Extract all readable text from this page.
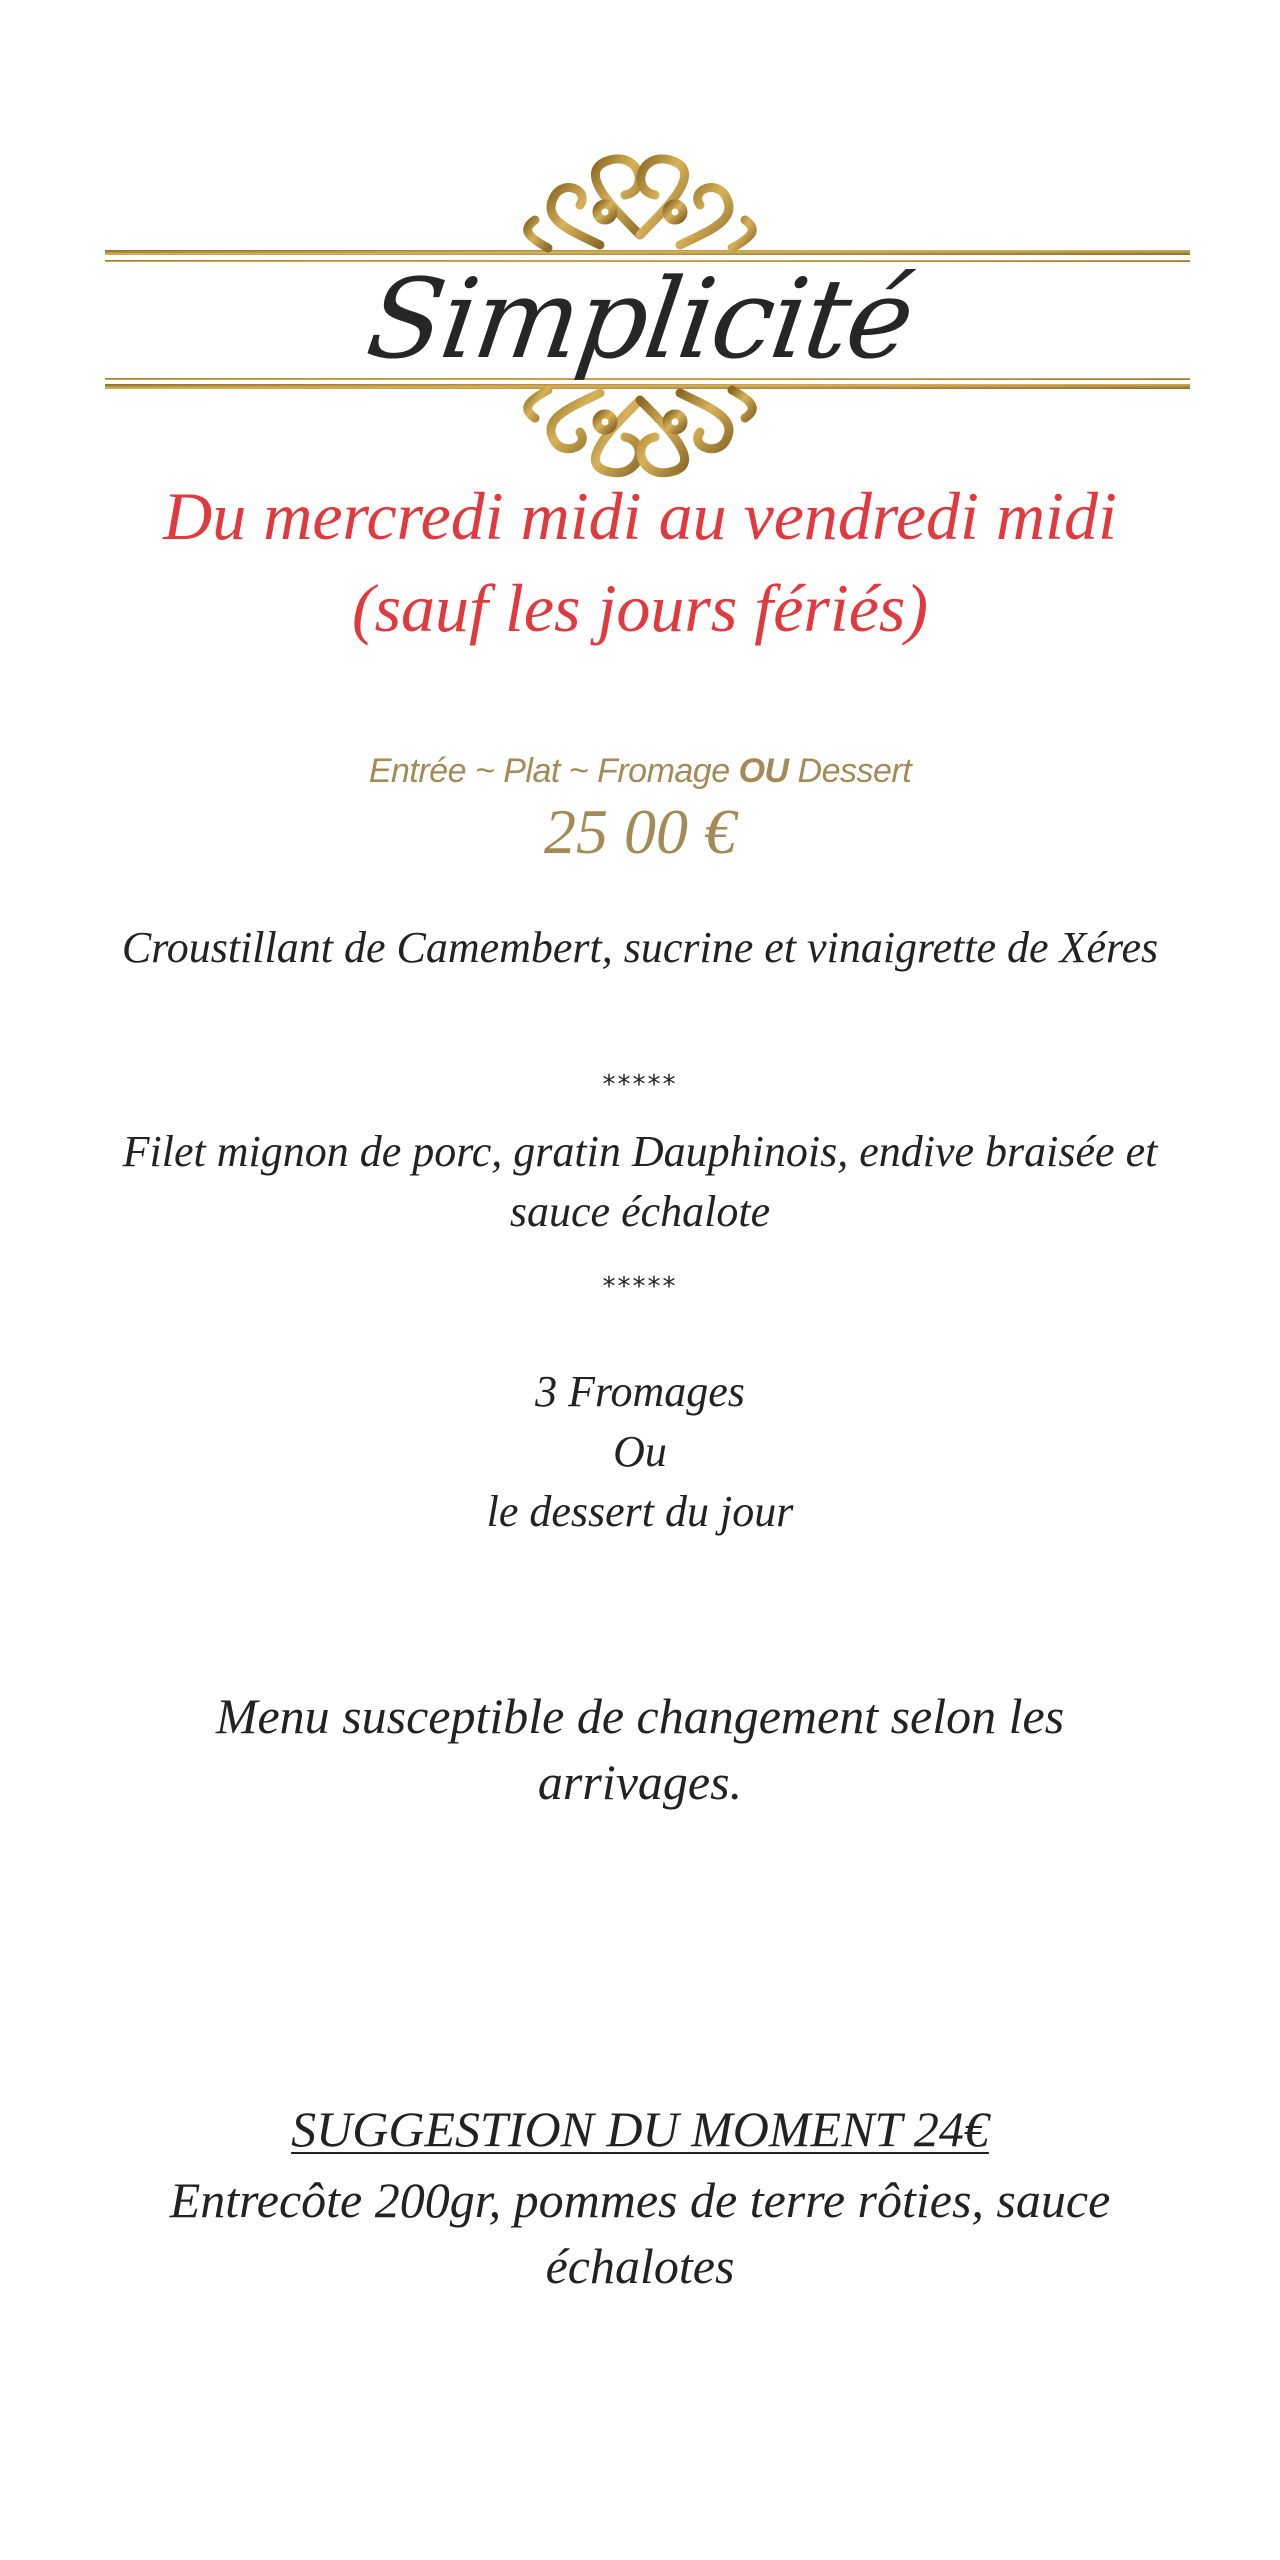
Simplicité
Du mercredi midi au vendredi midi
(sauf les jours fériés)
Entrée ~ Plat ~ Fromage OU Dessert
25 00 €
Croustillant de Camembert, sucrine et vinaigrette de Xéres
*****
Filet mignon de porc, gratin Dauphinois, endive braisée et
sauce échalote
*****
3 Fromages
Ou
le dessert du jour
Menu susceptible de changement selon les
arrivages.
SUGGESTION DU MOMENT 24€
Entrecôte 200gr, pommes de terre rôties, sauce
échalotes
